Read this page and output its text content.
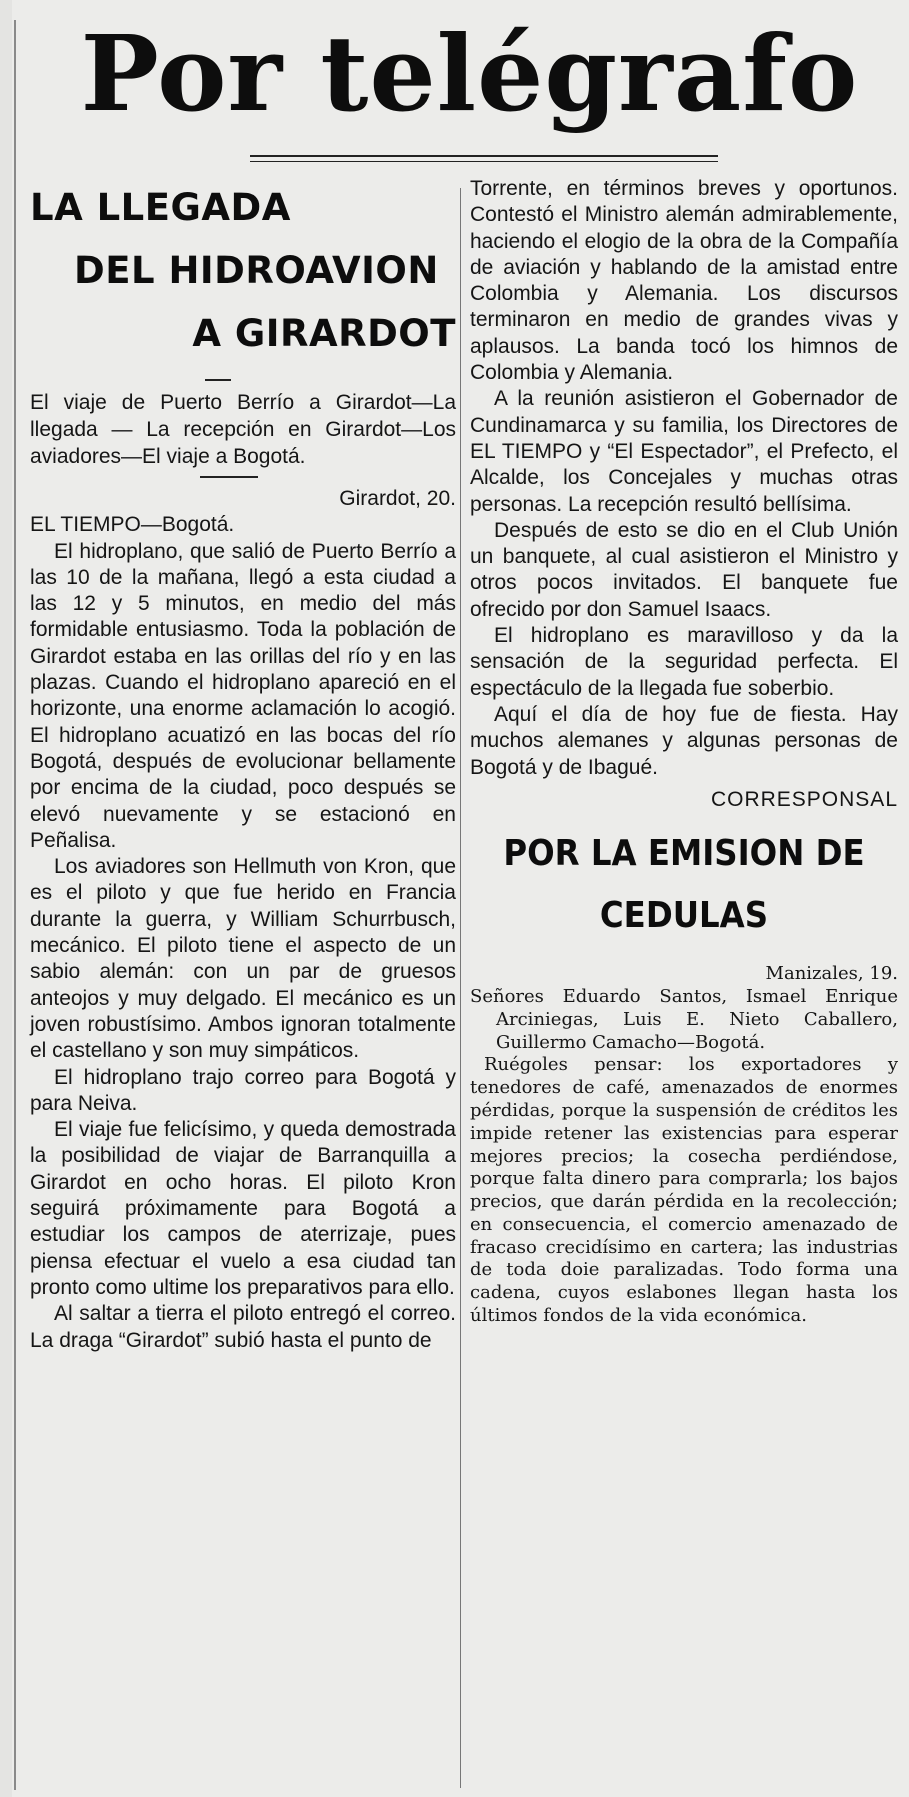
Por telégrafo
LA LLEGADA
DEL HIDROAVION
A GIRARDOT

El viaje de Puerto Berrío a Girardot—La llegada — La recepción en Girardot—Los aviadores—El viaje a Bogotá.

Girardot, 20.

EL TIEMPO—Bogotá.

El hidroplano, que salió de Puerto Berrío a las 10 de la mañana, llegó a esta ciudad a las 12 y 5 minutos, en medio del más formidable entusiasmo. Toda la población de Girardot estaba en las orillas del río y en las plazas. Cuando el hidroplano apareció en el horizonte, una enorme aclamación lo acogió. El hidroplano acuatizó en las bocas del río Bogotá, después de evolucionar bellamente por encima de la ciudad, poco después se elevó nuevamente y se estacionó en Peñalisa.

Los aviadores son Hellmuth von Kron, que es el piloto y que fue herido en Francia durante la guerra, y William Schurrbusch, mecánico. El piloto tiene el aspecto de un sabio alemán: con un par de gruesos anteojos y muy delgado. El mecánico es un joven robustísimo. Ambos ignoran totalmente el castellano y son muy simpáticos.

El hidroplano trajo correo para Bogotá y para Neiva.

El viaje fue felicísimo, y queda demostrada la posibilidad de viajar de Barranquilla a Girardot en ocho horas. El piloto Kron seguirá próximamente para Bogotá a estudiar los campos de aterrizaje, pues piensa efectuar el vuelo a esa ciudad tan pronto como ultime los preparativos para ello.

Al saltar a tierra el piloto entregó el correo. La draga “Girardot” subió hasta el punto de

Torrente, en términos breves y oportunos. Contestó el Ministro alemán admirablemente, haciendo el elogio de la obra de la Compañía de aviación y hablando de la amistad entre Colombia y Alemania. Los discursos terminaron en medio de grandes vivas y aplausos. La banda tocó los himnos de Colombia y Alemania.

A la reunión asistieron el Gobernador de Cundinamarca y su familia, los Directores de EL TIEMPO y “El Espectador”, el Prefecto, el Alcalde, los Concejales y muchas otras personas. La recepción resultó bellísima.

Después de esto se dio en el Club Unión un banquete, al cual asistieron el Ministro y otros pocos invitados. El banquete fue ofrecido por don Samuel Isaacs.

El hidroplano es maravilloso y da la sensación de la seguridad perfecta. El espectáculo de la llegada fue soberbio.

Aquí el día de hoy fue de fiesta. Hay muchos alemanes y algunas personas de Bogotá y de Ibagué.

CORRESPONSAL

POR LA EMISION DE
CEDULAS

Manizales, 19.

Señores Eduardo Santos, Ismael Enrique Arciniegas, Luis E. Nieto Caballero, Guillermo Camacho—Bogotá.

Ruégoles pensar: los exportadores y tenedores de café, amenazados de enormes pérdidas, porque la suspensión de créditos les impide retener las existencias para esperar mejores precios; la cosecha perdiéndose, porque falta dinero para comprarla; los bajos precios, que darán pérdida en la recolección; en consecuencia, el comercio amenazado de fracaso crecidísimo en cartera; las industrias de toda doie paralizadas. Todo forma una cadena, cuyos eslabones llegan hasta los últimos fondos de la vida económica.
